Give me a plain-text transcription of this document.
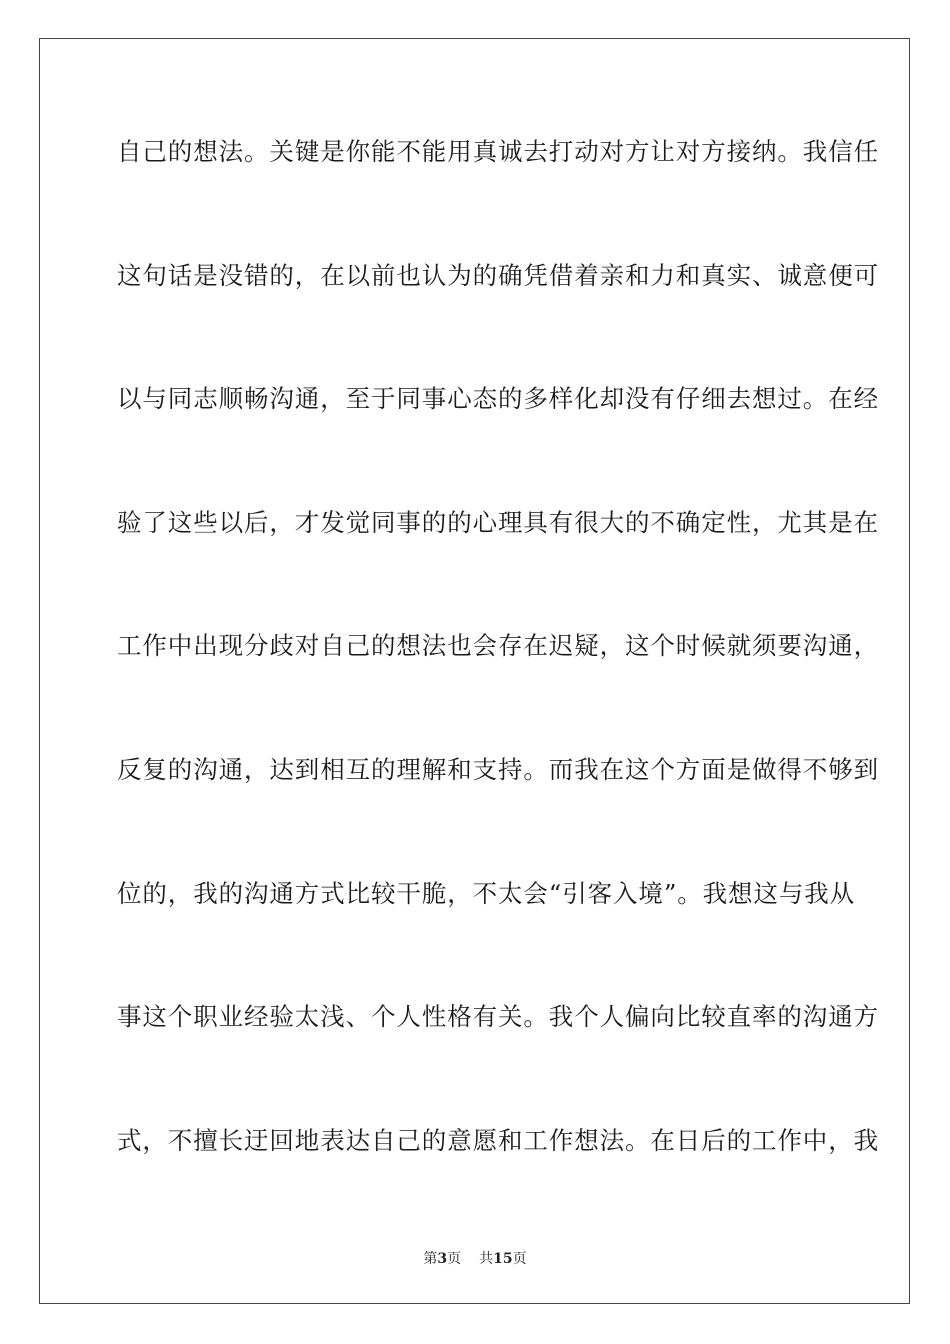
自己的想法。关键是你能不能用真诚去打动对方让对方接纳。我信任
这句话是没错的，在以前也认为的确凭借着亲和力和真实、诚意便可
以与同志顺畅沟通，至于同事心态的多样化却没有仔细去想过。在经
验了这些以后，才发觉同事的的心理具有很大的不确定性，尤其是在
工作中出现分歧对自己的想法也会存在迟疑，这个时候就须要沟通，
反复的沟通，达到相互的理解和支持。而我在这个方面是做得不够到
位的，我的沟通方式比较干脆，不太会“引客入境”。我想这与我从
事这个职业经验太浅、个人性格有关。我个人偏向比较直率的沟通方
式，不擅长迂回地表达自己的意愿和工作想法。在日后的工作中，我
第3页 共15页
